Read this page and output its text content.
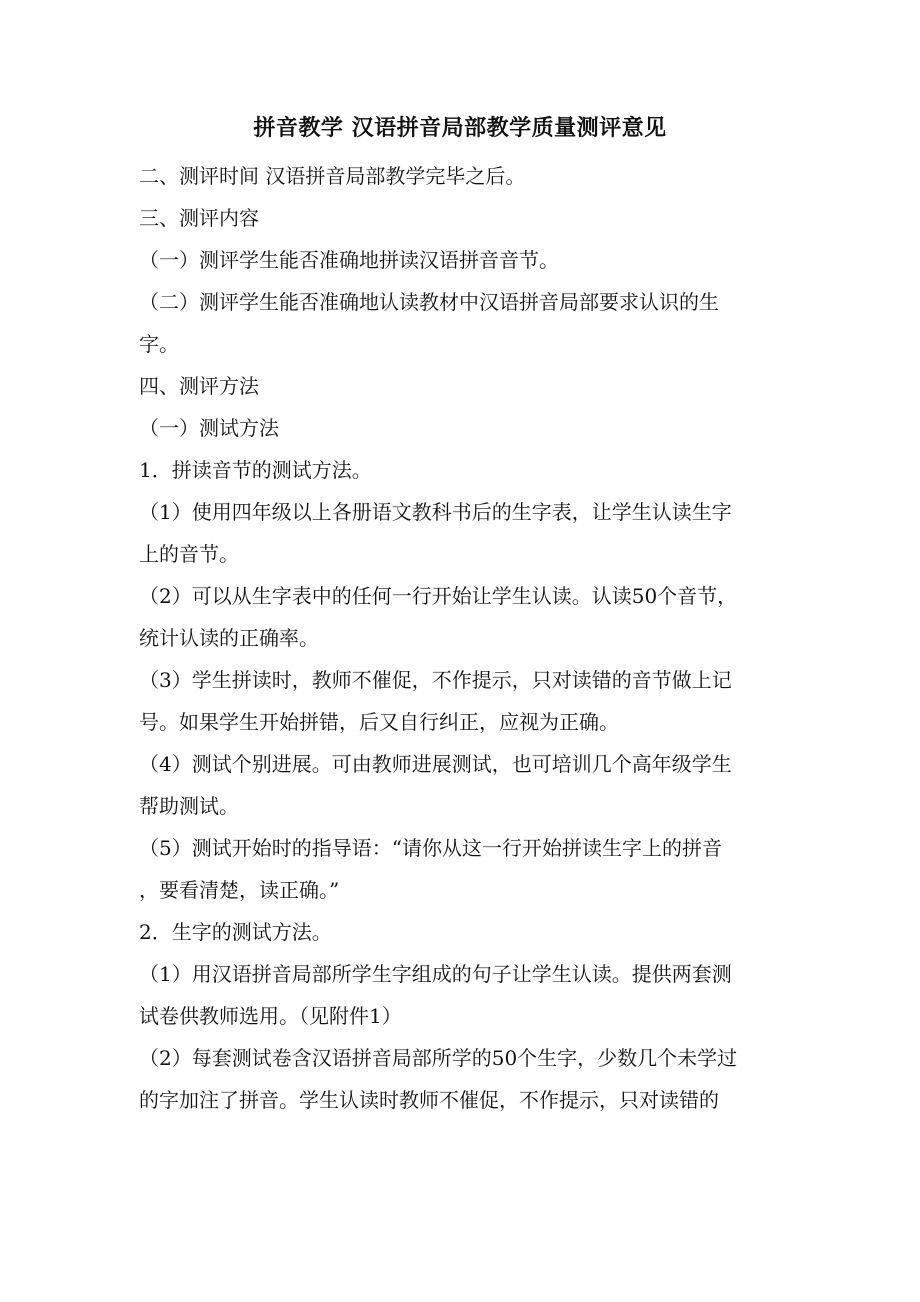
拼音教学 汉语拼音局部教学质量测评意见
二、测评时间 汉语拼音局部教学完毕之后。
三、测评内容
（一）测评学生能否准确地拼读汉语拼音音节。
（二）测评学生能否准确地认读教材中汉语拼音局部要求认识的生
字。
四、测评方法
（一）测试方法
1．拼读音节的测试方法。
（1）使用四年级以上各册语文教科书后的生字表，让学生认读生字
上的音节。
（2）可以从生字表中的任何一行开始让学生认读。认读50个音节，
统计认读的正确率。
（3）学生拼读时，教师不催促，不作提示，只对读错的音节做上记
号。如果学生开始拼错，后又自行纠正，应视为正确。
（4）测试个别进展。可由教师进展测试，也可培训几个高年级学生
帮助测试。
（5）测试开始时的指导语：“请你从这一行开始拼读生字上的拼音
，要看清楚，读正确。”
2．生字的测试方法。
（1）用汉语拼音局部所学生字组成的句子让学生认读。提供两套测
试卷供教师选用。（见附件1）
（2）每套测试卷含汉语拼音局部所学的50个生字，少数几个未学过
的字加注了拼音。学生认读时教师不催促，不作提示，只对读错的
